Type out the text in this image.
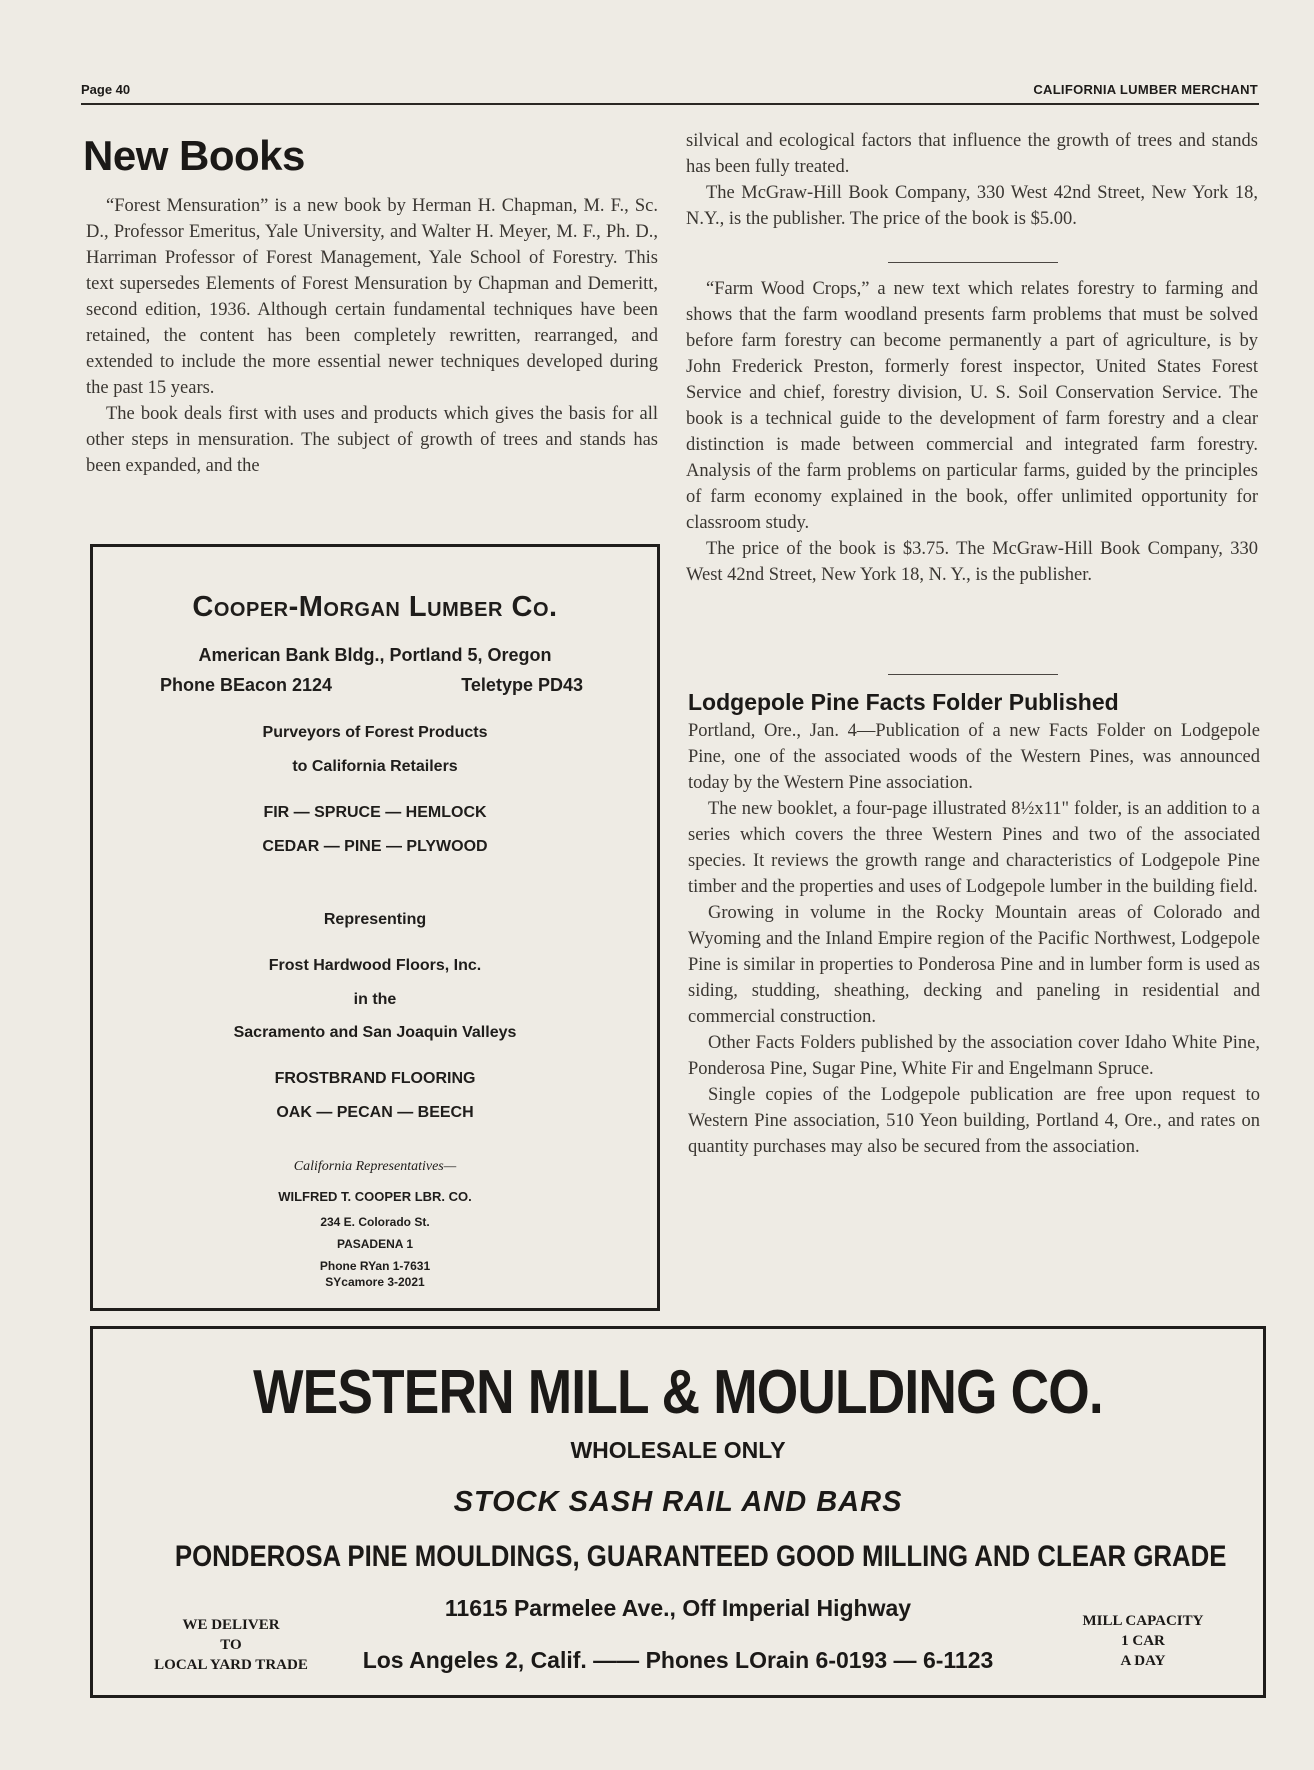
Page 40	CALIFORNIA LUMBER MERCHANT
New Books

“Forest Mensuration” is a new book by Herman H. Chapman, M. F., Sc. D., Professor Emeritus, Yale University, and Walter H. Meyer, M. F., Ph. D., Harriman Professor of Forest Management, Yale School of Forestry. This text supersedes Elements of Forest Mensuration by Chapman and Demeritt, second edition, 1936. Although certain fundamental techniques have been retained, the content has been completely rewritten, rearranged, and extended to include the more essential newer techniques developed during the past 15 years.

The book deals first with uses and products which gives the basis for all other steps in mensuration. The subject of growth of trees and stands has been expanded, and the

silvical and ecological factors that influence the growth of trees and stands has been fully treated.

The McGraw-Hill Book Company, 330 West 42nd Street, New York 18, N.Y., is the publisher. The price of the book is $5.00.

“Farm Wood Crops,” a new text which relates forestry to farming and shows that the farm woodland presents farm problems that must be solved before farm forestry can become permanently a part of agriculture, is by John Frederick Preston, formerly forest inspector, United States Forest Service and chief, forestry division, U. S. Soil Conservation Service. The book is a technical guide to the development of farm forestry and a clear distinction is made between commercial and integrated farm forestry. Analysis of the farm problems on particular farms, guided by the principles of farm economy explained in the book, offer unlimited opportunity for classroom study.

The price of the book is $3.75. The McGraw-Hill Book Company, 330 West 42nd Street, New York 18, N. Y., is the publisher.

Lodgepole Pine Facts Folder Published

Portland, Ore., Jan. 4—Publication of a new Facts Folder on Lodgepole Pine, one of the associated woods of the Western Pines, was announced today by the Western Pine association.

The new booklet, a four-page illustrated 8½x11" folder, is an addition to a series which covers the three Western Pines and two of the associated species. It reviews the growth range and characteristics of Lodgepole Pine timber and the properties and uses of Lodgepole lumber in the building field.

Growing in volume in the Rocky Mountain areas of Colorado and Wyoming and the Inland Empire region of the Pacific Northwest, Lodgepole Pine is similar in properties to Ponderosa Pine and in lumber form is used as siding, studding, sheathing, decking and paneling in residential and commercial construction.

Other Facts Folders published by the association cover Idaho White Pine, Ponderosa Pine, Sugar Pine, White Fir and Engelmann Spruce.

Single copies of the Lodgepole publication are free upon request to Western Pine association, 510 Yeon building, Portland 4, Ore., and rates on quantity purchases may also be secured from the association.

Cooper-Morgan Lumber Co.
American Bank Bldg., Portland 5, Oregon
Phone BEacon 2124	Teletype PD43
Purveyors of Forest Products
to California Retailers
FIR — SPRUCE — HEMLOCK
CEDAR — PINE — PLYWOOD
Representing
Frost Hardwood Floors, Inc.
in the
Sacramento and San Joaquin Valleys
FROSTBRAND FLOORING
OAK — PECAN — BEECH
California Representatives—
WILFRED T. COOPER LBR. CO.
234 E. Colorado St.
PASADENA 1
Phone RYan 1-7631
SYcamore 3-2021
WESTERN MILL & MOULDING CO.
WHOLESALE ONLY
STOCK SASH RAIL AND BARS
PONDEROSA PINE MOULDINGS, GUARANTEED GOOD MILLING AND CLEAR GRADE
11615 Parmelee Ave., Off Imperial Highway
Los Angeles 2, Calif. —— Phones LOrain 6-0193 — 6-1123
WE DELIVER
TO
LOCAL YARD TRADE
MILL CAPACITY
1 CAR
A DAY
